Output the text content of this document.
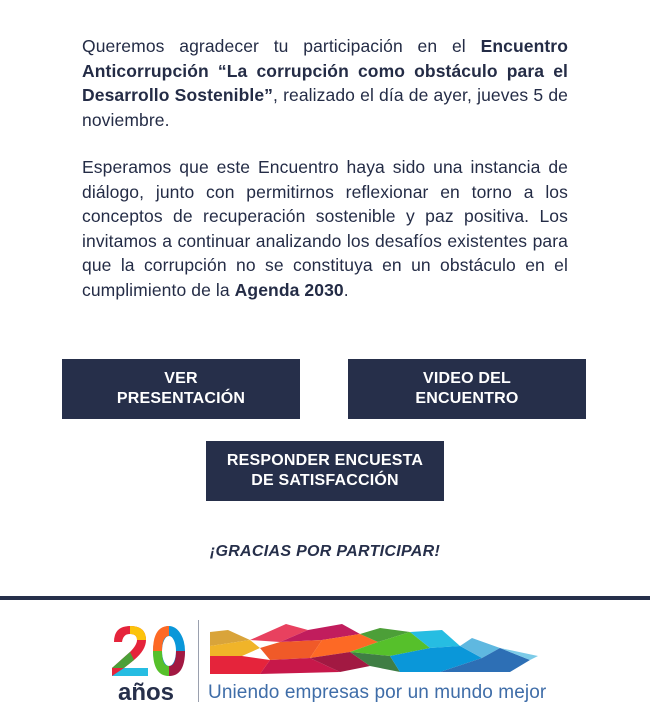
Queremos agradecer tu participación en el Encuentro Anticorrupción “La corrupción como obstáculo para el Desarrollo Sostenible”, realizado el día de ayer, jueves 5 de noviembre.

Esperamos que este Encuentro haya sido una instancia de diálogo, junto con permitirnos reflexionar en torno a los conceptos de recuperación sostenible y paz positiva. Los invitamos a continuar analizando los desafíos existentes para que la corrupción no se constituya en un obstáculo en el cumplimiento de la Agenda 2030.

VER
PRESENTACIÓN
VIDEO DEL
ENCUENTRO
RESPONDER ENCUESTA
DE SATISFACCIÓN
¡GRACIAS POR PARTICIPAR!
años Uniendo empresas por un mundo mejor
